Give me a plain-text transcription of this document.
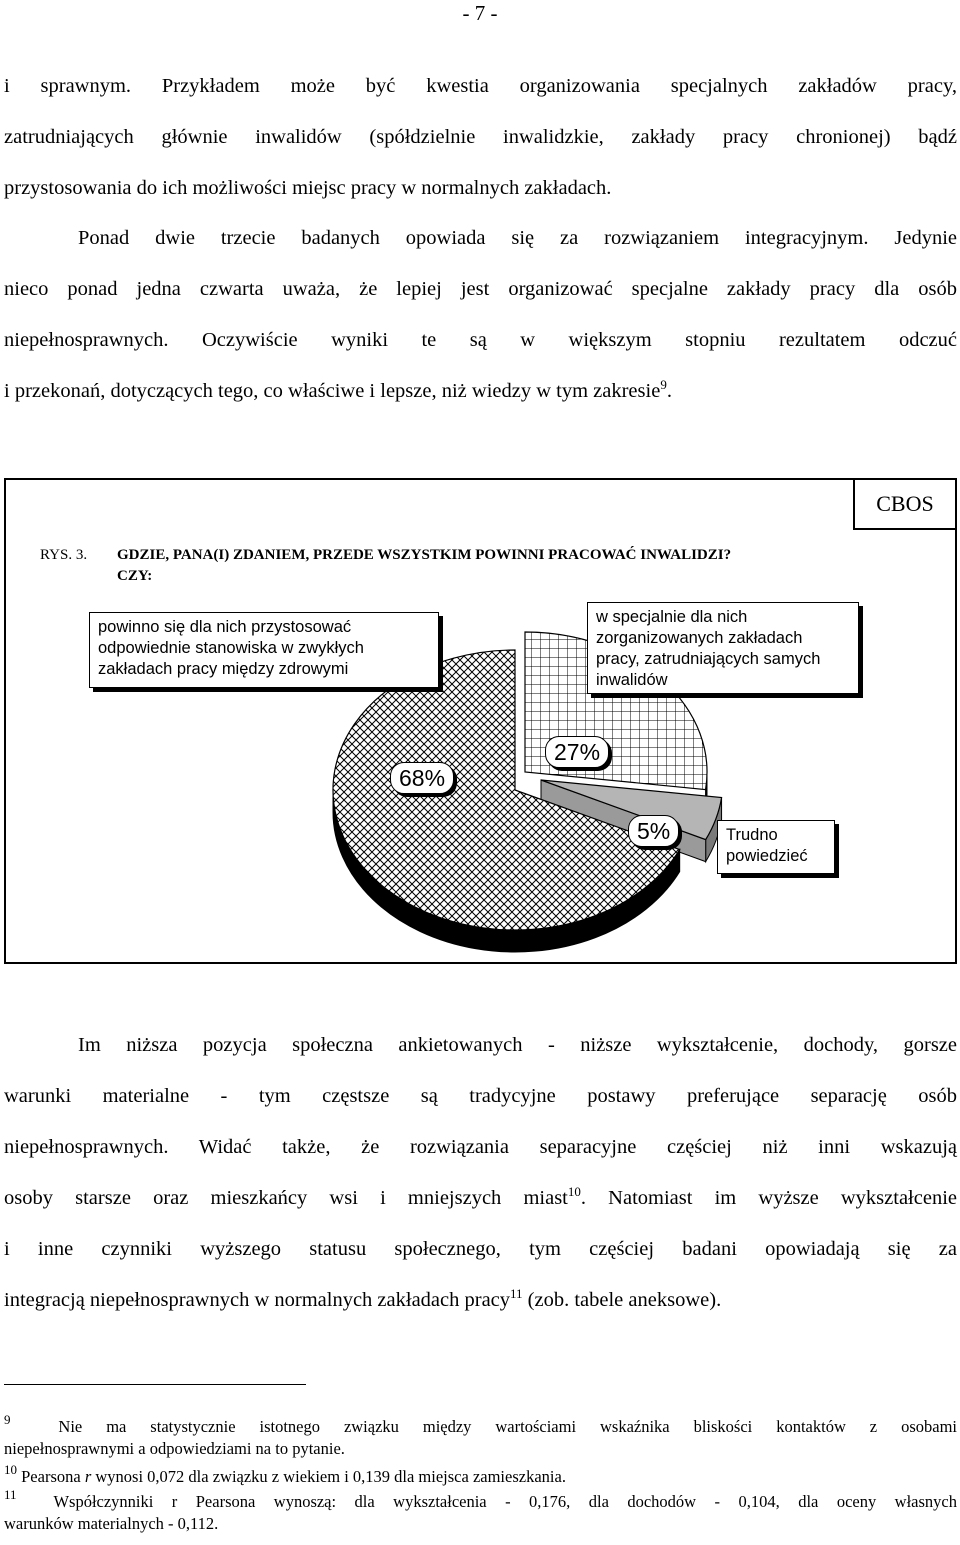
- 7 -
i sprawnym. Przykładem może być kwestia organizowania specjalnych zakładów pracy,
zatrudniających głównie inwalidów (spółdzielnie inwalidzkie, zakłady pracy chronionej) bądź
przystosowania do ich możliwości miejsc pracy w normalnych zakładach.
Ponad dwie trzecie badanych opowiada się za rozwiązaniem integracyjnym. Jedynie
nieco ponad jedna czwarta uważa, że lepiej jest organizować specjalne zakłady pracy dla osób
niepełnosprawnych. Oczywiście wyniki te są w większym stopniu rezultatem odczuć
i przekonań, dotyczących tego, co właściwe i lepsze, niż wiedzy w tym zakresie$^9$.
CBOS
RYS. 3. GDZIE, PANA(I) ZDANIEM, PRZEDE WSZYSTKIM POWINNI PRACOWAĆ INWALIDZI?
CZY:
powinno się dla nich przystosować odpowiednie stanowiska w zwykłych zakładach pracy między zdrowymi
w specjalnie dla nich zorganizowanych zakładach pracy, zatrudniających samych inwalidów
Trudno powiedzieć
68%
27%
5%
Im niższa pozycja społeczna ankietowanych - niższe wykształcenie, dochody, gorsze
warunki materialne - tym częstsze są tradycyjne postawy preferujące separację osób
niepełnosprawnych. Widać także, że rozwiązania separacyjne częściej niż inni wskazują
osoby starsze oraz mieszkańcy wsi i mniejszych miast$^{10}$. Natomiast im wyższe wykształcenie
i inne czynniki wyższego statusu społecznego, tym częściej badani opowiadają się za
integracją niepełnosprawnych w normalnych zakładach pracy$^{11}$ (zob. tabele aneksowe).
$^9$	Nie ma statystycznie istotnego związku między wartościami wskaźnika bliskości kontaktów z osobami
niepełnosprawnymi a odpowiedziami na to pytanie.
$^{10}$ Pearsona r wynosi 0,072 dla związku z wiekiem i 0,139 dla miejsca zamieszkania.
$^{11}$ Współczynniki r Pearsona wynoszą: dla wykształcenia - 0,176, dla dochodów - 0,104, dla oceny własnych
warunków materialnych - 0,112.
